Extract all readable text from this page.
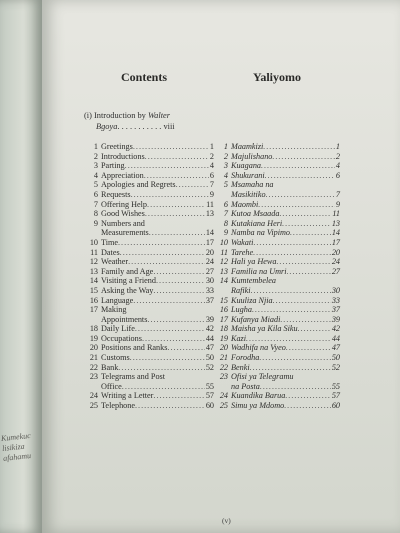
Kumekuc
lisikiza
afahamu
Contents	Yaliyomo
(i) Introduction by Walter
Bgoya. . . . . . . . . . . viii
1 Greetings .....	1
2 Introductions .....	2
3 Parting .....	4
4 Appreciation .....	6
5 Apologies and Regrets .....	7
6 Requests .....	9
7 Offering Help .....	11
8 Good Wishes .....	13
9 Numbers and
Measurements .....	14
10 Time .....	17
11 Dates .....	20
12 Weather .....	24
13 Family and Age .....	27
14 Visiting a Friend .....	30
15 Asking the Way .....	33
16 Language .....	37
17 Making
Appointments .....	39
18 Daily Life .....	42
19 Occupations .....	44
20 Positions and Ranks .....	47
21 Customs .....	50
22 Bank .....	52
23 Telegrams and Post
Office .....	55
24 Writing a Letter .....	57
25 Telephone .....	60
1 Maamkizi .....	1
2 Majulishano .....	2
3 Kuagana .....	4
4 Shukurani .....	6
5 Msamaha na
Masikitiko .....	7
6 Maombi .....	9
7 Kutoa Msaada .....	11
8 Kutakiana Heri .....	13
9 Namba na Vipimo .....	14
10 Wakati .....	17
11 Tarehe .....	20
12 Hali ya Hewa .....	24
13 Familia na Umri .....	27
14 Kumtembelea
Rafiki .....	30
15 Kuuliza Njia .....	33
16 Lugha .....	37
17 Kufanya Miadi .....	39
18 Maisha ya Kila Siku .....	42
19 Kazi .....	44
20 Wadhifa na Vyeo .....	47
21 Forodha .....	50
22 Benki .....	52
23 Ofisi ya Telegramu
na Posta .....	55
24 Kuandika Barua .....	57
25 Simu ya Mdomo .....	60
(v)
